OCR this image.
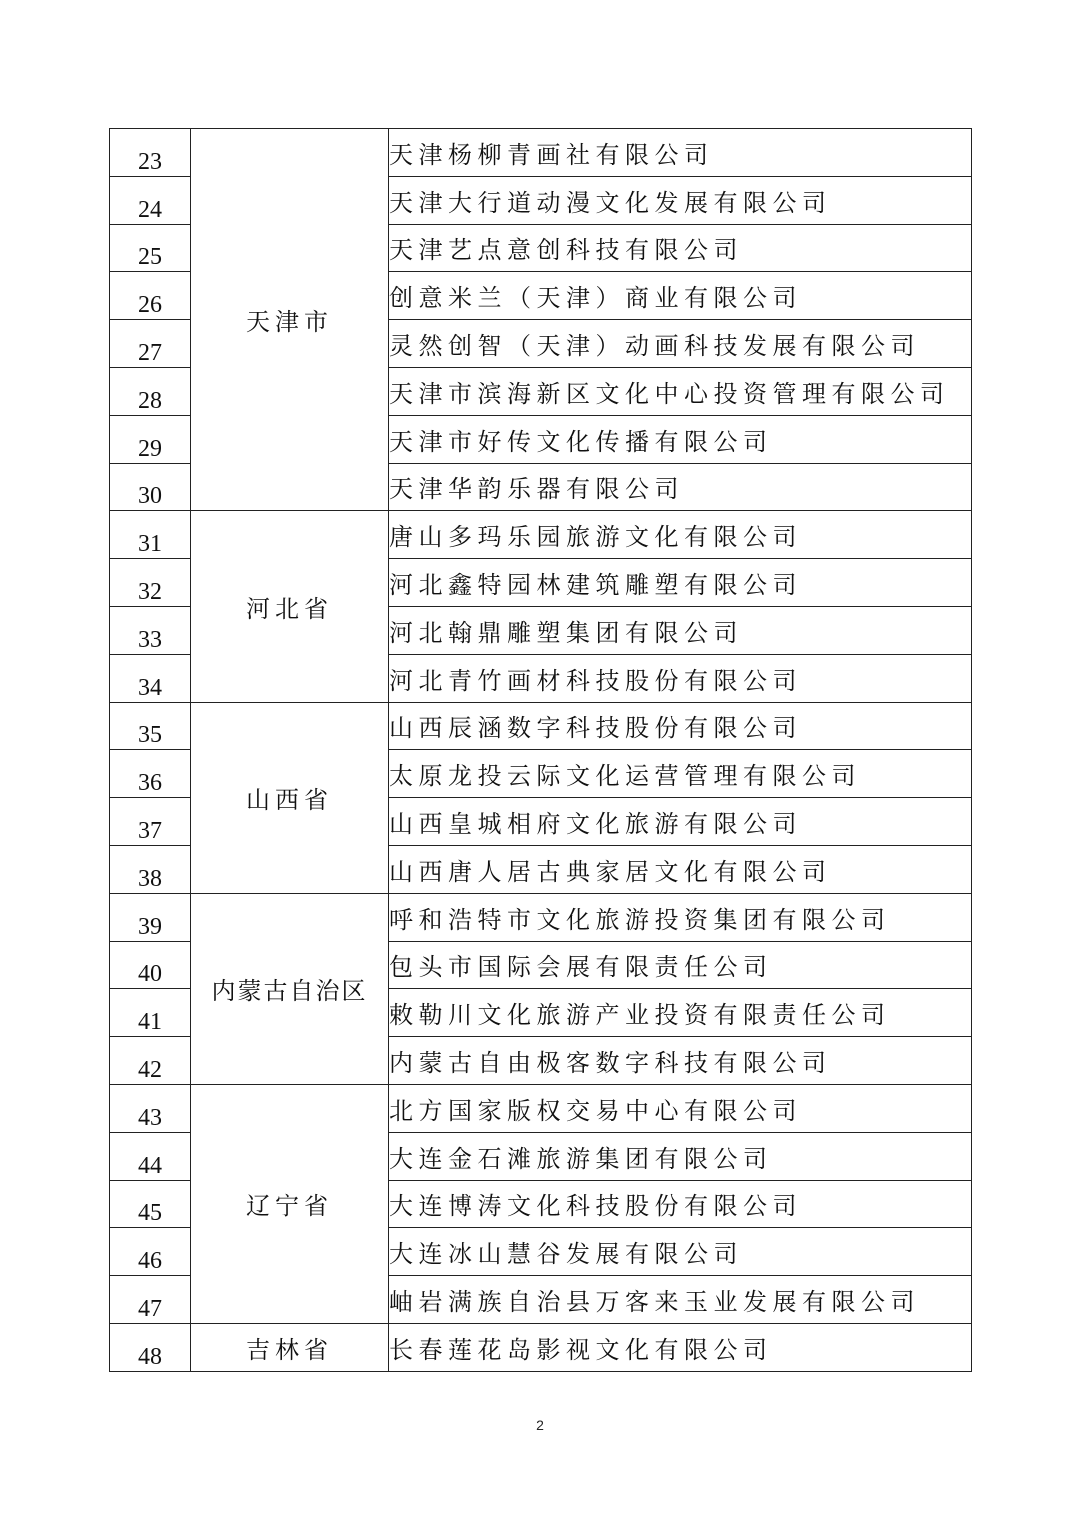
23	天津市	天津杨柳青画社有限公司
24		天津大行道动漫文化发展有限公司
25		天津艺点意创科技有限公司
26		创意米兰（天津）商业有限公司
27		灵然创智（天津）动画科技发展有限公司
28		天津市滨海新区文化中心投资管理有限公司
29		天津市好传文化传播有限公司
30		天津华韵乐器有限公司
31	河北省	唐山多玛乐园旅游文化有限公司
32		河北鑫特园林建筑雕塑有限公司
33		河北翰鼎雕塑集团有限公司
34		河北青竹画材科技股份有限公司
35	山西省	山西辰涵数字科技股份有限公司
36		太原龙投云际文化运营管理有限公司
37		山西皇城相府文化旅游有限公司
38		山西唐人居古典家居文化有限公司
39	内蒙古自治区	呼和浩特市文化旅游投资集团有限公司
40		包头市国际会展有限责任公司
41		敕勒川文化旅游产业投资有限责任公司
42		内蒙古自由极客数字科技有限公司
43	辽宁省	北方国家版权交易中心有限公司
44		大连金石滩旅游集团有限公司
45		大连博涛文化科技股份有限公司
46		大连冰山慧谷发展有限公司
47		岫岩满族自治县万客来玉业发展有限公司
48	吉林省	长春莲花岛影视文化有限公司
2
